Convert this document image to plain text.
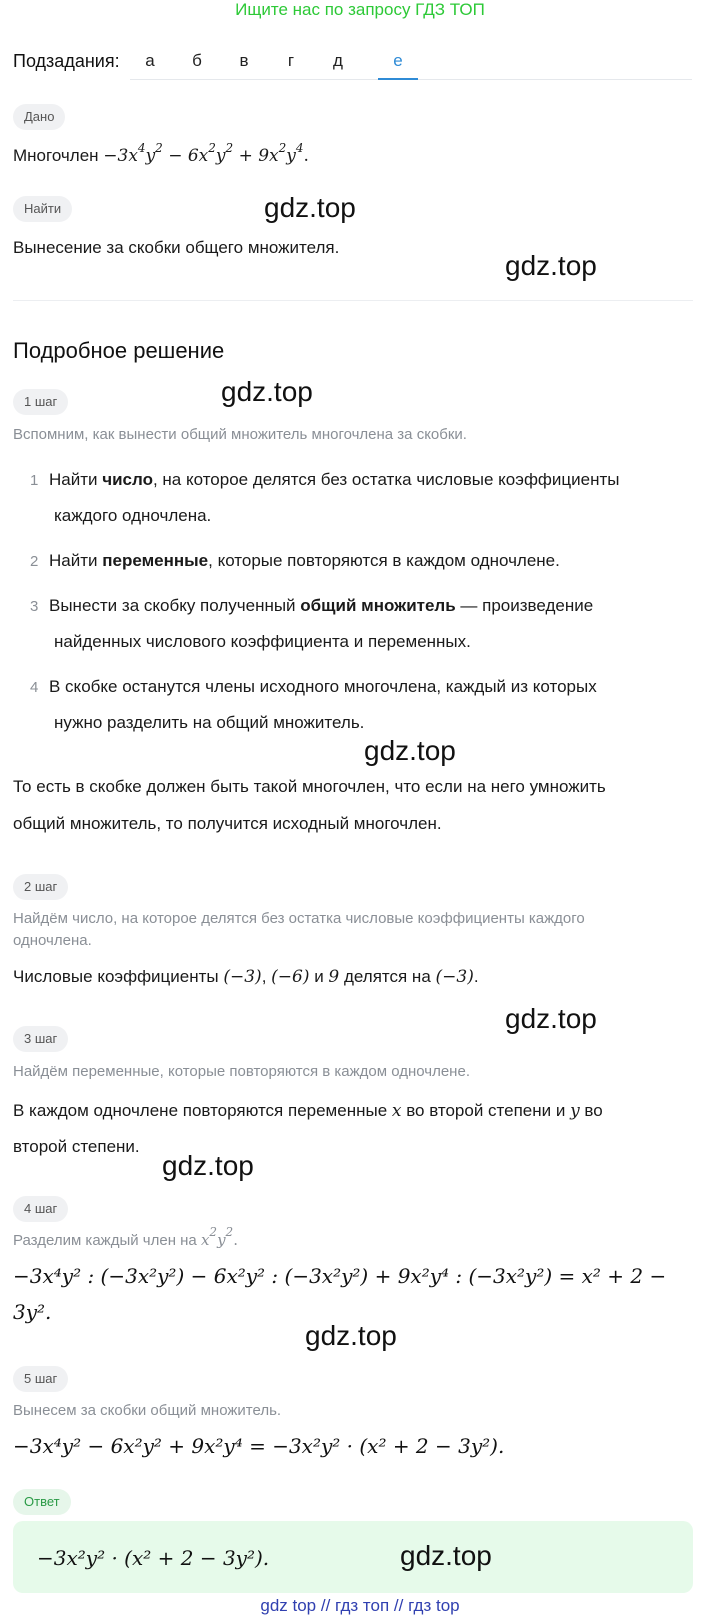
Ищите нас по запросу ГДЗ ТОП
Подзадания:	а	б	в	г	д	е
Дано
Многочлен $-3x^4y^2 - 6x^2y^2 + 9x^2y^4$.
Найти
Вынесение за скобки общего множителя.
gdz.top
gdz.top
Подробное решение
1 шаг	gdz.top
Вспомним, как вынести общий множитель многочлена за скобки.
1 Найти число, на которое делятся без остатка числовые коэффициенты
каждого одночлена.
2 Найти переменные, которые повторяются в каждом одночлене.
3 Вынести за скобку полученный общий множитель — произведение
найденных числового коэффициента и переменных.
4 В скобке останутся члены исходного многочлена, каждый из которых
нужно разделить на общий множитель.
gdz.top
То есть в скобке должен быть такой многочлен, что если на него умножить
общий множитель, то получится исходный многочлен.
2 шаг
Найдём число, на которое делятся без остатка числовые коэффициенты каждого
одночлена.
Числовые коэффициенты (−3), (−6) и 9 делятся на (−3).
gdz.top
3 шаг
Найдём переменные, которые повторяются в каждом одночлене.
В каждом одночлене повторяются переменные x во второй степени и y во
второй степени.
gdz.top
4 шаг
Разделим каждый член на $x^2y^2$.
−3x⁴y² : (−3x²y²) − 6x²y² : (−3x²y²) + 9x²y⁴ : (−3x²y²) = x² + 2 −
3y².
gdz.top
5 шаг
Вынесем за скобки общий множитель.
−3x⁴y² − 6x²y² + 9x²y⁴ = −3x²y² · (x² + 2 − 3y²).
Ответ
−3x²y² · (x² + 2 − 3y²).	gdz.top
gdz top // гдз топ // гдз top
